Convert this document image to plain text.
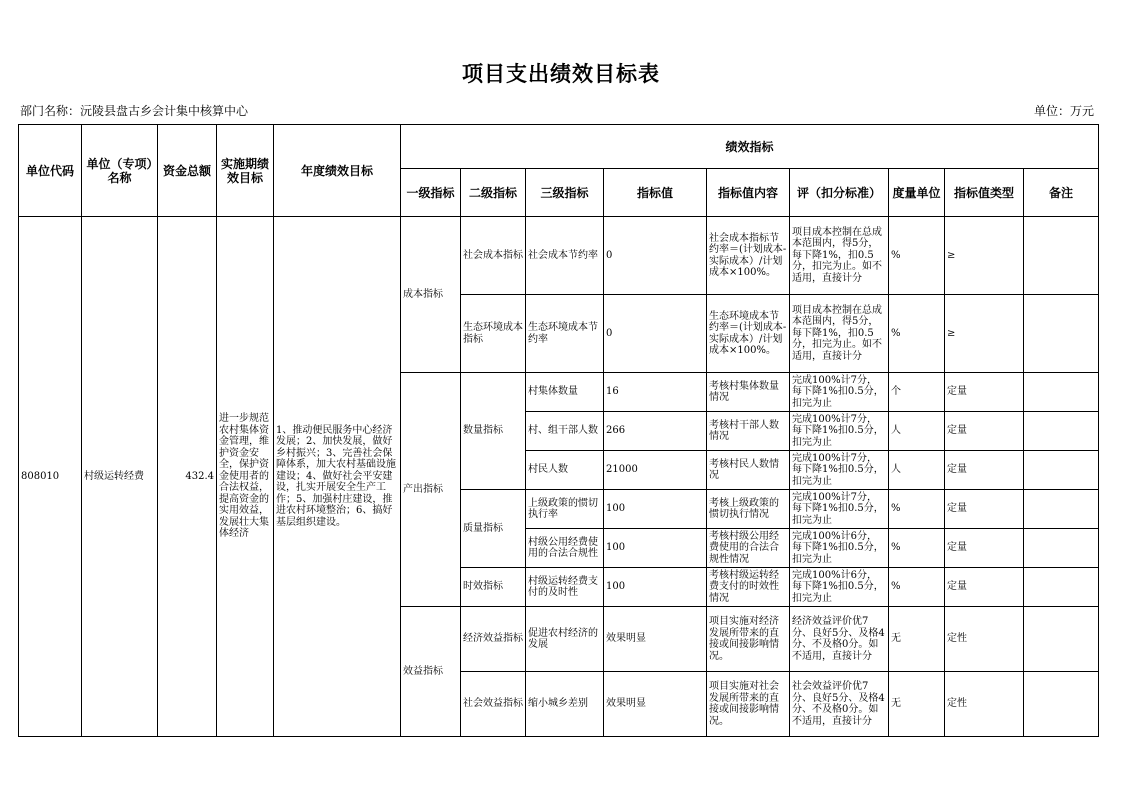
项目支出绩效目标表
部门名称：沅陵县盘古乡会计集中核算中心	单位：万元
单位代码	单位（专项）名称	资金总额	实施期绩效目标	年度绩效目标	绩效指标								
					一级指标	二级指标	三级指标	指标值	指标值内容	评（扣分标准）	度量单位	指标值类型	备注
808010	村级运转经费	432.4	进一步规范农村集体资金管理，维护资金安全，保护资金使用者的合法权益，提高资金的实用效益，发展壮大集体经济	1、推动便民服务中心经济发展；2、加快发展，做好乡村振兴；3、完善社会保障体系，加大农村基础设施建设；4、做好社会平安建设，扎实开展安全生产工作；5、加强村庄建设，推进农村环境整治；6、搞好基层组织建设。	成本指标	社会成本指标	社会成本节约率	0	社会成本指标节约率＝(计划成本-实际成本）/计划成本×100%。	项目成本控制在总成本范围内，得5分，每下降1%，扣0.5分，扣完为止。如不适用，直接计分	%	≥	
						生态环境成本指标	生态环境成本节约率	0	生态环境成本节约率＝(计划成本-实际成本）/计划成本×100%。	项目成本控制在总成本范围内，得5分，每下降1%，扣0.5分，扣完为止。如不适用，直接计分	%	≥	
					产出指标	数量指标	村集体数量	16	考核村集体数量情况	完成100%计7分，每下降1%扣0.5分，扣完为止	个	定量	
							村、组干部人数	266	考核村干部人数情况	完成100%计7分，每下降1%扣0.5分，扣完为止	人	定量	
							村民人数	21000	考核村民人数情况	完成100%计7分，每下降1%扣0.5分，扣完为止	人	定量	
						质量指标	上级政策的惯切执行率	100	考核上级政策的惯切执行情况	完成100%计7分，每下降1%扣0.5分，扣完为止	%	定量	
							村级公用经费使用的合法合规性	100	考核村级公用经费使用的合法合规性情况	完成100%计6分，每下降1%扣0.5分，扣完为止	%	定量	
						时效指标	村级运转经费支付的及时性	100	考核村级运转经费支付的时效性情况	完成100%计6分，每下降1%扣0.5分，扣完为止	%	定量	
					效益指标	经济效益指标	促进农村经济的发展	效果明显	项目实施对经济发展所带来的直接或间接影响情况。	经济效益评价优7分、良好5分、及格4分、不及格0分。如不适用，直接计分	无	定性	
						社会效益指标	缩小城乡差别	效果明显	项目实施对社会发展所带来的直接或间接影响情况。	社会效益评价优7分、良好5分、及格4分、不及格0分。如不适用，直接计分	无	定性	
